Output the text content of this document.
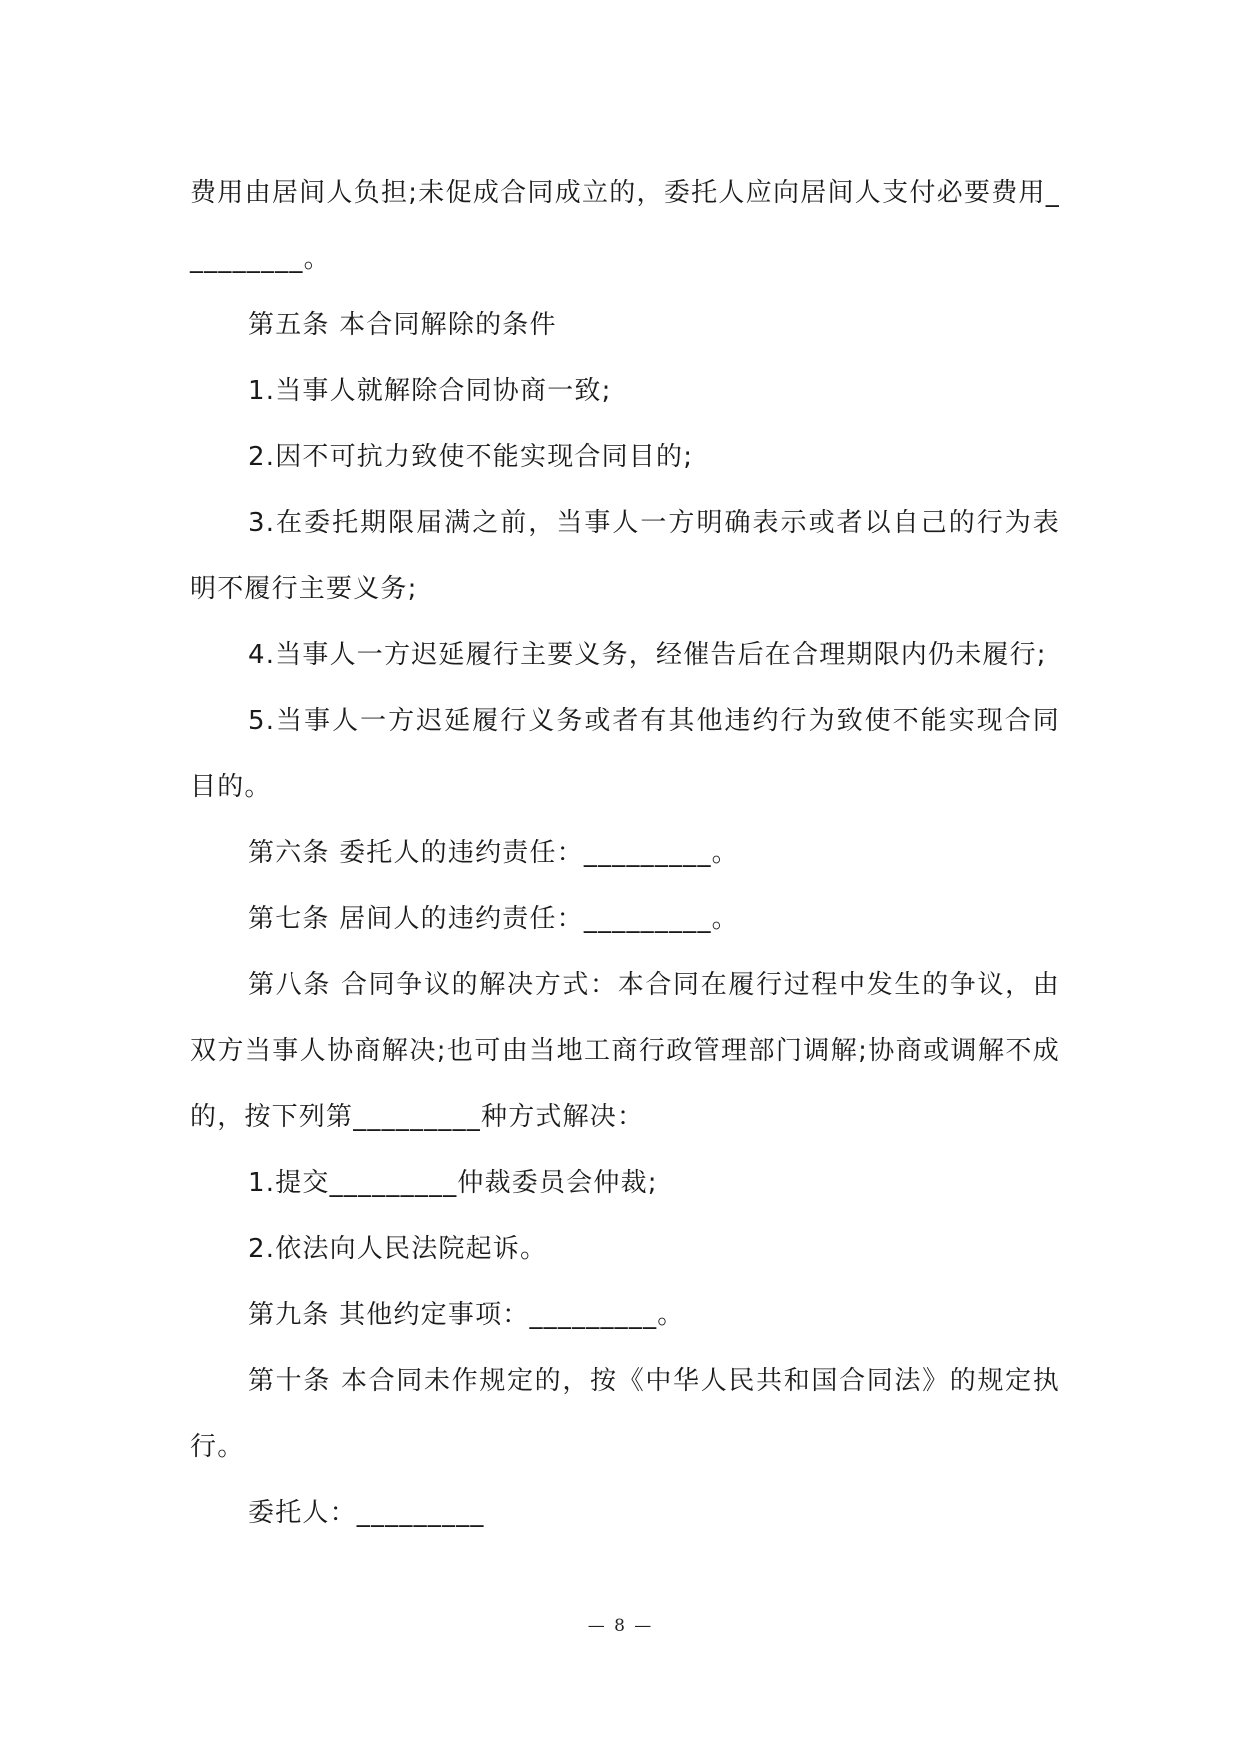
费用由居间人负担;未促成合同成立的，委托人应向居间人支付必要费用_________。

第五条 本合同解除的条件

1.当事人就解除合同协商一致;

2.因不可抗力致使不能实现合同目的;

3.在委托期限届满之前，当事人一方明确表示或者以自己的行为表明不履行主要义务;

4.当事人一方迟延履行主要义务，经催告后在合理期限内仍未履行;

5.当事人一方迟延履行义务或者有其他违约行为致使不能实现合同目的。

第六条 委托人的违约责任：_________。

第七条 居间人的违约责任：_________。

第八条 合同争议的解决方式：本合同在履行过程中发生的争议，由双方当事人协商解决;也可由当地工商行政管理部门调解;协商或调解不成的，按下列第_________种方式解决：

1.提交_________仲裁委员会仲裁;

2.依法向人民法院起诉。

第九条 其他约定事项：_________。

第十条 本合同未作规定的，按《中华人民共和国合同法》的规定执行。

委托人：_________

— 8 —
